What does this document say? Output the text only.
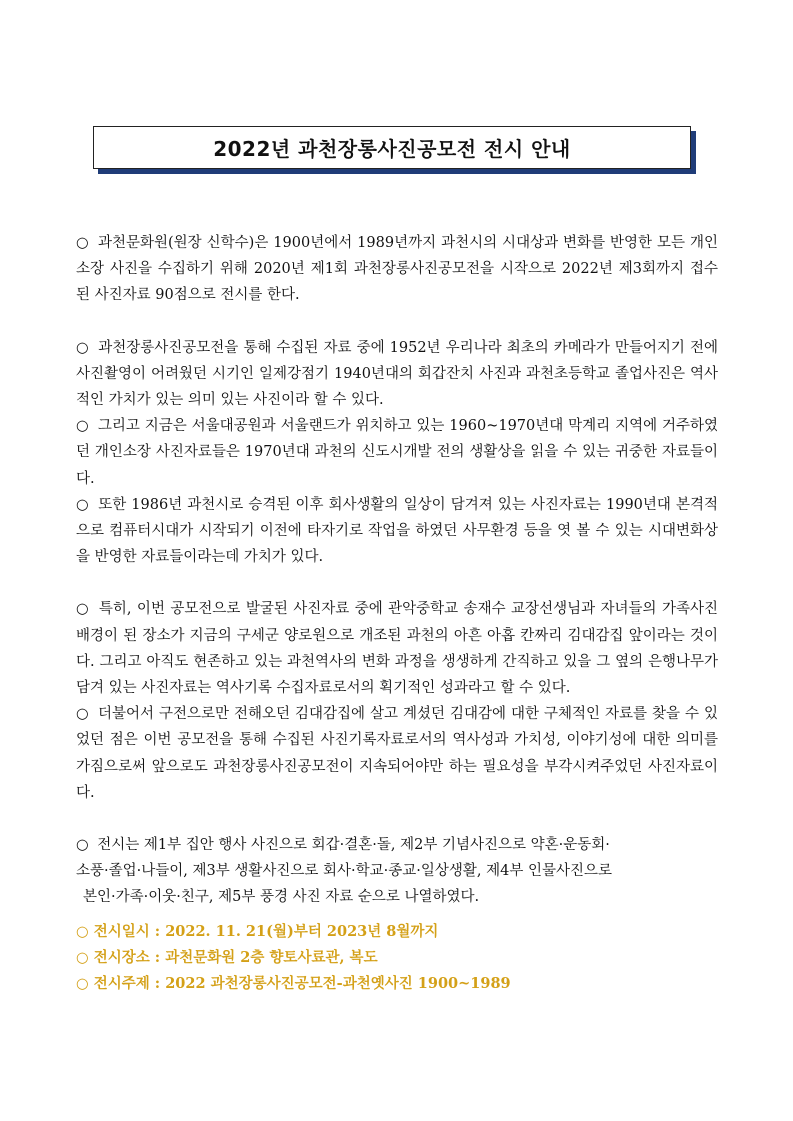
2022년 과천장롱사진공모전 전시 안내

○ 과천문화원(원장 신학수)은 1900년에서 1989년까지 과천시의 시대상과 변화를 반영한 모든 개인소장 사진을 수집하기 위해 2020년 제1회 과천장롱사진공모전을 시작으로 2022년 제3회까지 접수된 사진자료 90점으로 전시를 한다.

○ 과천장롱사진공모전을 통해 수집된 자료 중에 1952년 우리나라 최초의 카메라가 만들어지기 전에 사진촬영이 어려웠던 시기인 일제강점기 1940년대의 회갑잔치 사진과 과천초등학교 졸업사진은 역사적인 가치가 있는 의미 있는 사진이라 할 수 있다.

○ 그리고 지금은 서울대공원과 서울랜드가 위치하고 있는 1960~1970년대 막계리 지역에 거주하였던 개인소장 사진자료들은 1970년대 과천의 신도시개발 전의 생활상을 읽을 수 있는 귀중한 자료들이다.

○ 또한 1986년 과천시로 승격된 이후 회사생활의 일상이 담겨져 있는 사진자료는 1990년대 본격적으로 컴퓨터시대가 시작되기 이전에 타자기로 작업을 하였던 사무환경 등을 엿 볼 수 있는 시대변화상을 반영한 자료들이라는데 가치가 있다.

○ 특히, 이번 공모전으로 발굴된 사진자료 중에 관악중학교 송재수 교장선생님과 자녀들의 가족사진 배경이 된 장소가 지금의 구세군 양로원으로 개조된 과천의 아흔 아홉 칸짜리 김대감집 앞이라는 것이다. 그리고 아직도 현존하고 있는 과천역사의 변화 과정을 생생하게 간직하고 있을 그 옆의 은행나무가 담겨 있는 사진자료는 역사기록 수집자료로서의 획기적인 성과라고 할 수 있다.

○ 더불어서 구전으로만 전해오던 김대감집에 살고 계셨던 김대감에 대한 구체적인 자료를 찾을 수 있었던 점은 이번 공모전을 통해 수집된 사진기록자료로서의 역사성과 가치성, 이야기성에 대한 의미를 가짐으로써 앞으로도 과천장롱사진공모전이 지속되어야만 하는 필요성을 부각시켜주었던 사진자료이다.

○ 전시는 제1부 집안 행사 사진으로 회갑·결혼·돌, 제2부 기념사진으로 약혼·운동회·
소풍·졸업·나들이, 제3부 생활사진으로 회사·학교·종교·일상생활, 제4부 인물사진으로
본인·가족·이웃·친구, 제5부 풍경 사진 자료 순으로 나열하였다.

○ 전시일시 : 2022. 11. 21(월)부터 2023년 8월까지

○ 전시장소 : 과천문화원 2층 향토사료관, 복도

○ 전시주제 : 2022 과천장롱사진공모전-과천옛사진 1900~1989
